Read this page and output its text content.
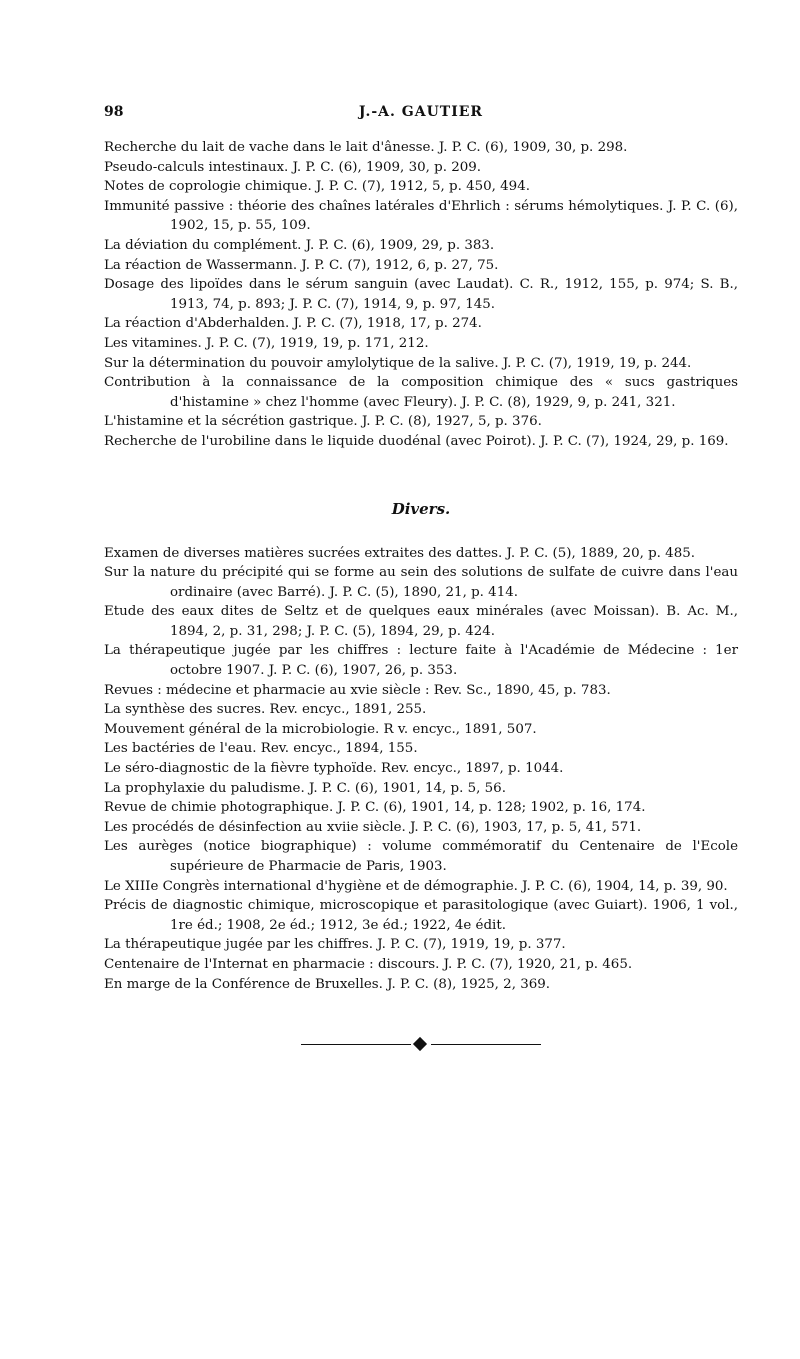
98	J.-A. GAUTIER

Recherche du lait de vache dans le lait d'ânesse. J. P. C. (6), 1909, 30, p. 298.

Pseudo-calculs intestinaux. J. P. C. (6), 1909, 30, p. 209.

Notes de coprologie chimique. J. P. C. (7), 1912, 5, p. 450, 494.

Immunité passive : théorie des chaînes latérales d'Ehrlich : sérums hémolytiques. J. P. C. (6), 1902, 15, p. 55, 109.

La déviation du complément. J. P. C. (6), 1909, 29, p. 383.

La réaction de Wassermann. J. P. C. (7), 1912, 6, p. 27, 75.

Dosage des lipoïdes dans le sérum sanguin (avec Laudat). C. R., 1912, 155, p. 974; S. B., 1913, 74, p. 893; J. P. C. (7), 1914, 9, p. 97, 145.

La réaction d'Abderhalden. J. P. C. (7), 1918, 17, p. 274.

Les vitamines. J. P. C. (7), 1919, 19, p. 171, 212.

Sur la détermination du pouvoir amylolytique de la salive. J. P. C. (7), 1919, 19, p. 244.

Contribution à la connaissance de la composition chimique des « sucs gastriques d'histamine » chez l'homme (avec Fleury). J. P. C. (8), 1929, 9, p. 241, 321.

L'histamine et la sécrétion gastrique. J. P. C. (8), 1927, 5, p. 376.

Recherche de l'urobiline dans le liquide duodénal (avec Poirot). J. P. C. (7), 1924, 29, p. 169.

Divers.

Examen de diverses matières sucrées extraites des dattes. J. P. C. (5), 1889, 20, p. 485.

Sur la nature du précipité qui se forme au sein des solutions de sulfate de cuivre dans l'eau ordinaire (avec Barré). J. P. C. (5), 1890, 21, p. 414.

Etude des eaux dites de Seltz et de quelques eaux minérales (avec Moissan). B. Ac. M., 1894, 2, p. 31, 298; J. P. C. (5), 1894, 29, p. 424.

La thérapeutique jugée par les chiffres : lecture faite à l'Académie de Médecine : 1er octobre 1907. J. P. C. (6), 1907, 26, p. 353.

Revues : médecine et pharmacie au xvie siècle : Rev. Sc., 1890, 45, p. 783.

La synthèse des sucres. Rev. encyc., 1891, 255.

Mouvement général de la microbiologie. R v. encyc., 1891, 507.

Les bactéries de l'eau. Rev. encyc., 1894, 155.

Le séro-diagnostic de la fièvre typhoïde. Rev. encyc., 1897, p. 1044.

La prophylaxie du paludisme. J. P. C. (6), 1901, 14, p. 5, 56.

Revue de chimie photographique. J. P. C. (6), 1901, 14, p. 128; 1902, p. 16, 174.

Les procédés de désinfection au xviie siècle. J. P. C. (6), 1903, 17, p. 5, 41, 571.

Les aurèges (notice biographique) : volume commémoratif du Centenaire de l'Ecole supérieure de Pharmacie de Paris, 1903.

Le XIIIe Congrès international d'hygiène et de démographie. J. P. C. (6), 1904, 14, p. 39, 90.

Précis de diagnostic chimique, microscopique et parasitologique (avec Guiart). 1906, 1 vol., 1re éd.; 1908, 2e éd.; 1912, 3e éd.; 1922, 4e édit.

La thérapeutique jugée par les chiffres. J. P. C. (7), 1919, 19, p. 377.

Centenaire de l'Internat en pharmacie : discours. J. P. C. (7), 1920, 21, p. 465.

En marge de la Conférence de Bruxelles. J. P. C. (8), 1925, 2, 369.
